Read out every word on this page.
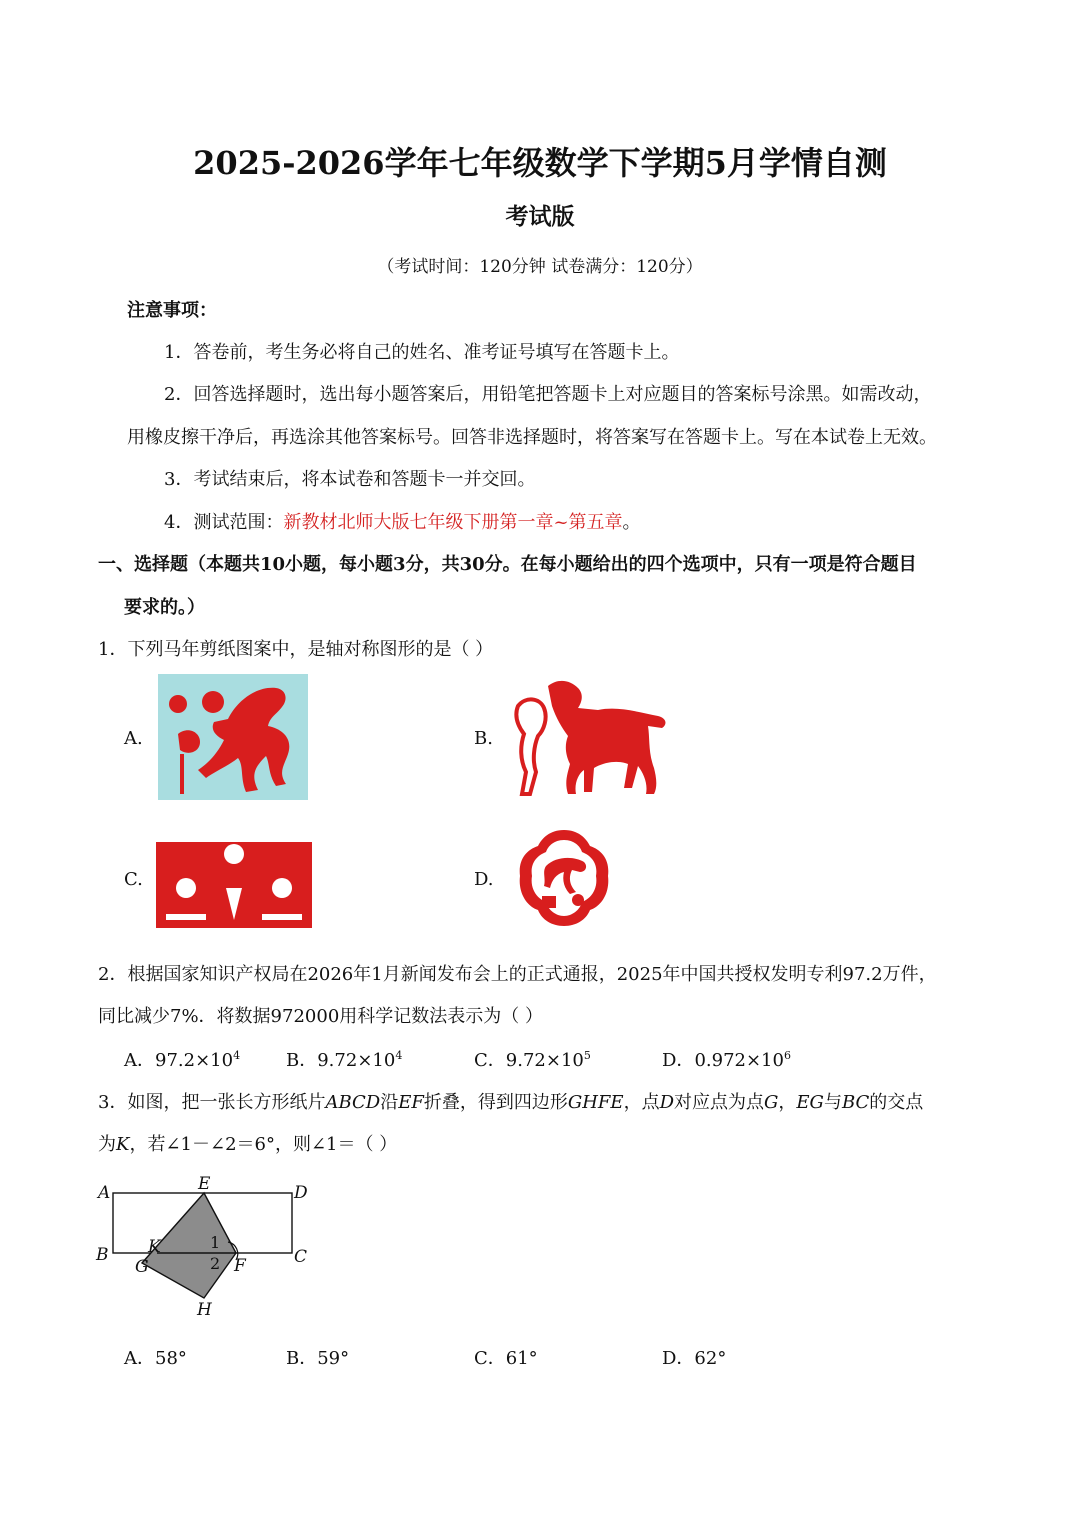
2025-2026学年七年级数学下学期5月学情自测
考试版
（考试时间：120分钟 试卷满分：120分）
注意事项：
1．答卷前，考生务必将自己的姓名、准考证号填写在答题卡上。
2．回答选择题时，选出每小题答案后，用铅笔把答题卡上对应题目的答案标号涂黑。如需改动，
用橡皮擦干净后，再选涂其他答案标号。回答非选择题时，将答案写在答题卡上。写在本试卷上无效。
3．考试结束后，将本试卷和答题卡一并交回。
4．测试范围：新教材北师大版七年级下册第一章~第五章。
一、选择题（本题共10小题，每小题3分，共30分。在每小题给出的四个选项中，只有一项是符合题目
要求的。）
1．下列马年剪纸图案中，是轴对称图形的是（ ）
A.	B.
C.	D.
2．根据国家知识产权局在2026年1月新闻发布会上的正式通报，2025年中国共授权发明专利97.2万件，
同比减少7%．将数据972000用科学记数法表示为（ ）
A．$97.2\times 10^4$	B．$9.72\times 10^4$	C．$9.72\times 10^5$	D．$0.972\times 10^6$
3．如图，把一张长方形纸片ABCD沿EF折叠，得到四边形GHFE，点D对应点为点G，EG与BC的交点
为K，若∠1－∠2＝6°，则∠1＝（ ）
A	E	D
B K
G	F	C
H
1
2
A．58°	B．59°	C．61°	D．62°
